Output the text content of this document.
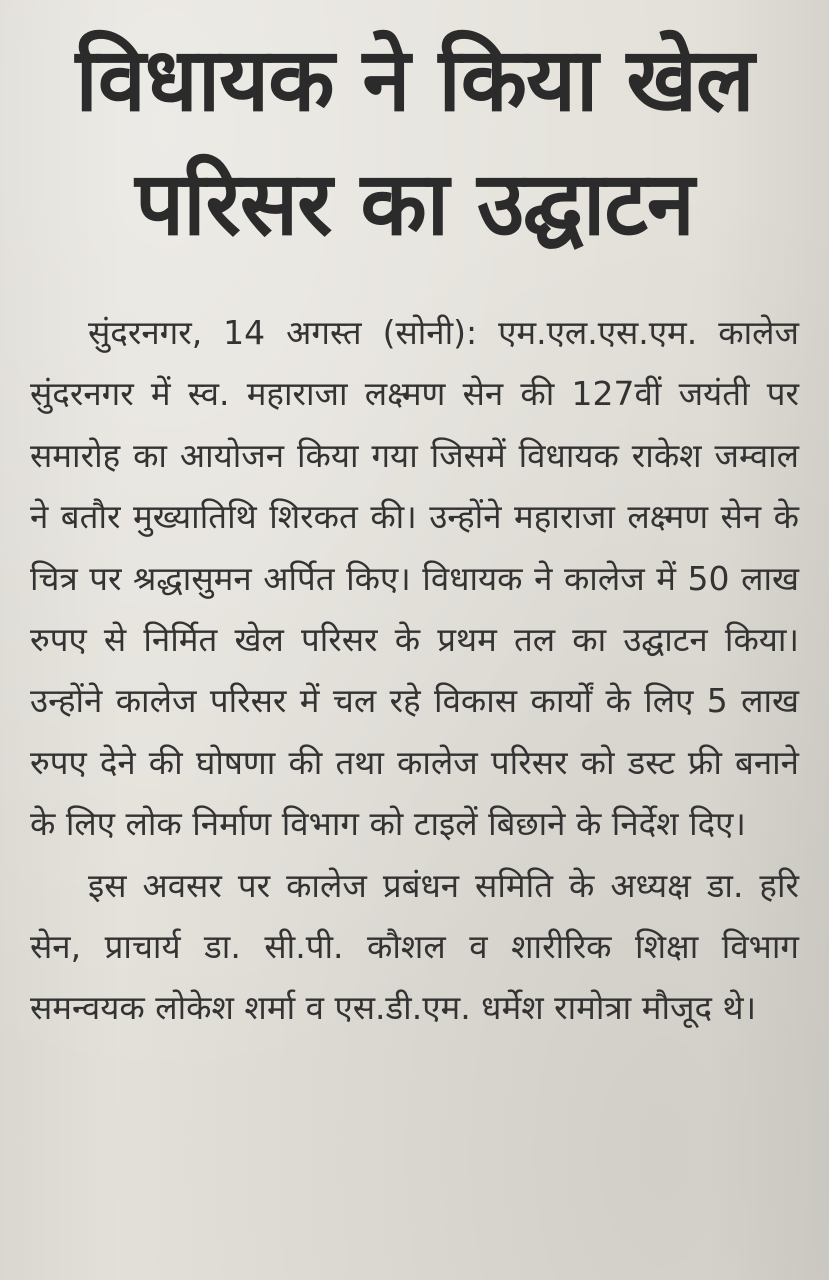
विधायक ने किया खेल
परिसर का उद्घाटन

सुंदरनगर, 14 अगस्त (सोनी): एम.एल.एस.एम. कालेज सुंदरनगर में स्व. महाराजा लक्ष्मण सेन की 127वीं जयंती पर समारोह का आयोजन किया गया जिसमें विधायक राकेश जम्वाल ने बतौर मुख्यातिथि शिरकत की। उन्होंने महाराजा लक्ष्मण सेन के चित्र पर श्रद्धासुमन अर्पित किए। विधायक ने कालेज में 50 लाख रुपए से निर्मित खेल परिसर के प्रथम तल का उद्घाटन किया। उन्होंने कालेज परिसर में चल रहे विकास कार्यों के लिए 5 लाख रुपए देने की घोषणा की तथा कालेज परिसर को डस्ट फ्री बनाने के लिए लोक निर्माण विभाग को टाइलें बिछाने के निर्देश दिए।

इस अवसर पर कालेज प्रबंधन समिति के अध्यक्ष डा. हरि सेन, प्राचार्य डा. सी.पी. कौशल व शारीरिक शिक्षा विभाग समन्वयक लोकेश शर्मा व एस.डी.एम. धर्मेश रामोत्रा मौजूद थे।
